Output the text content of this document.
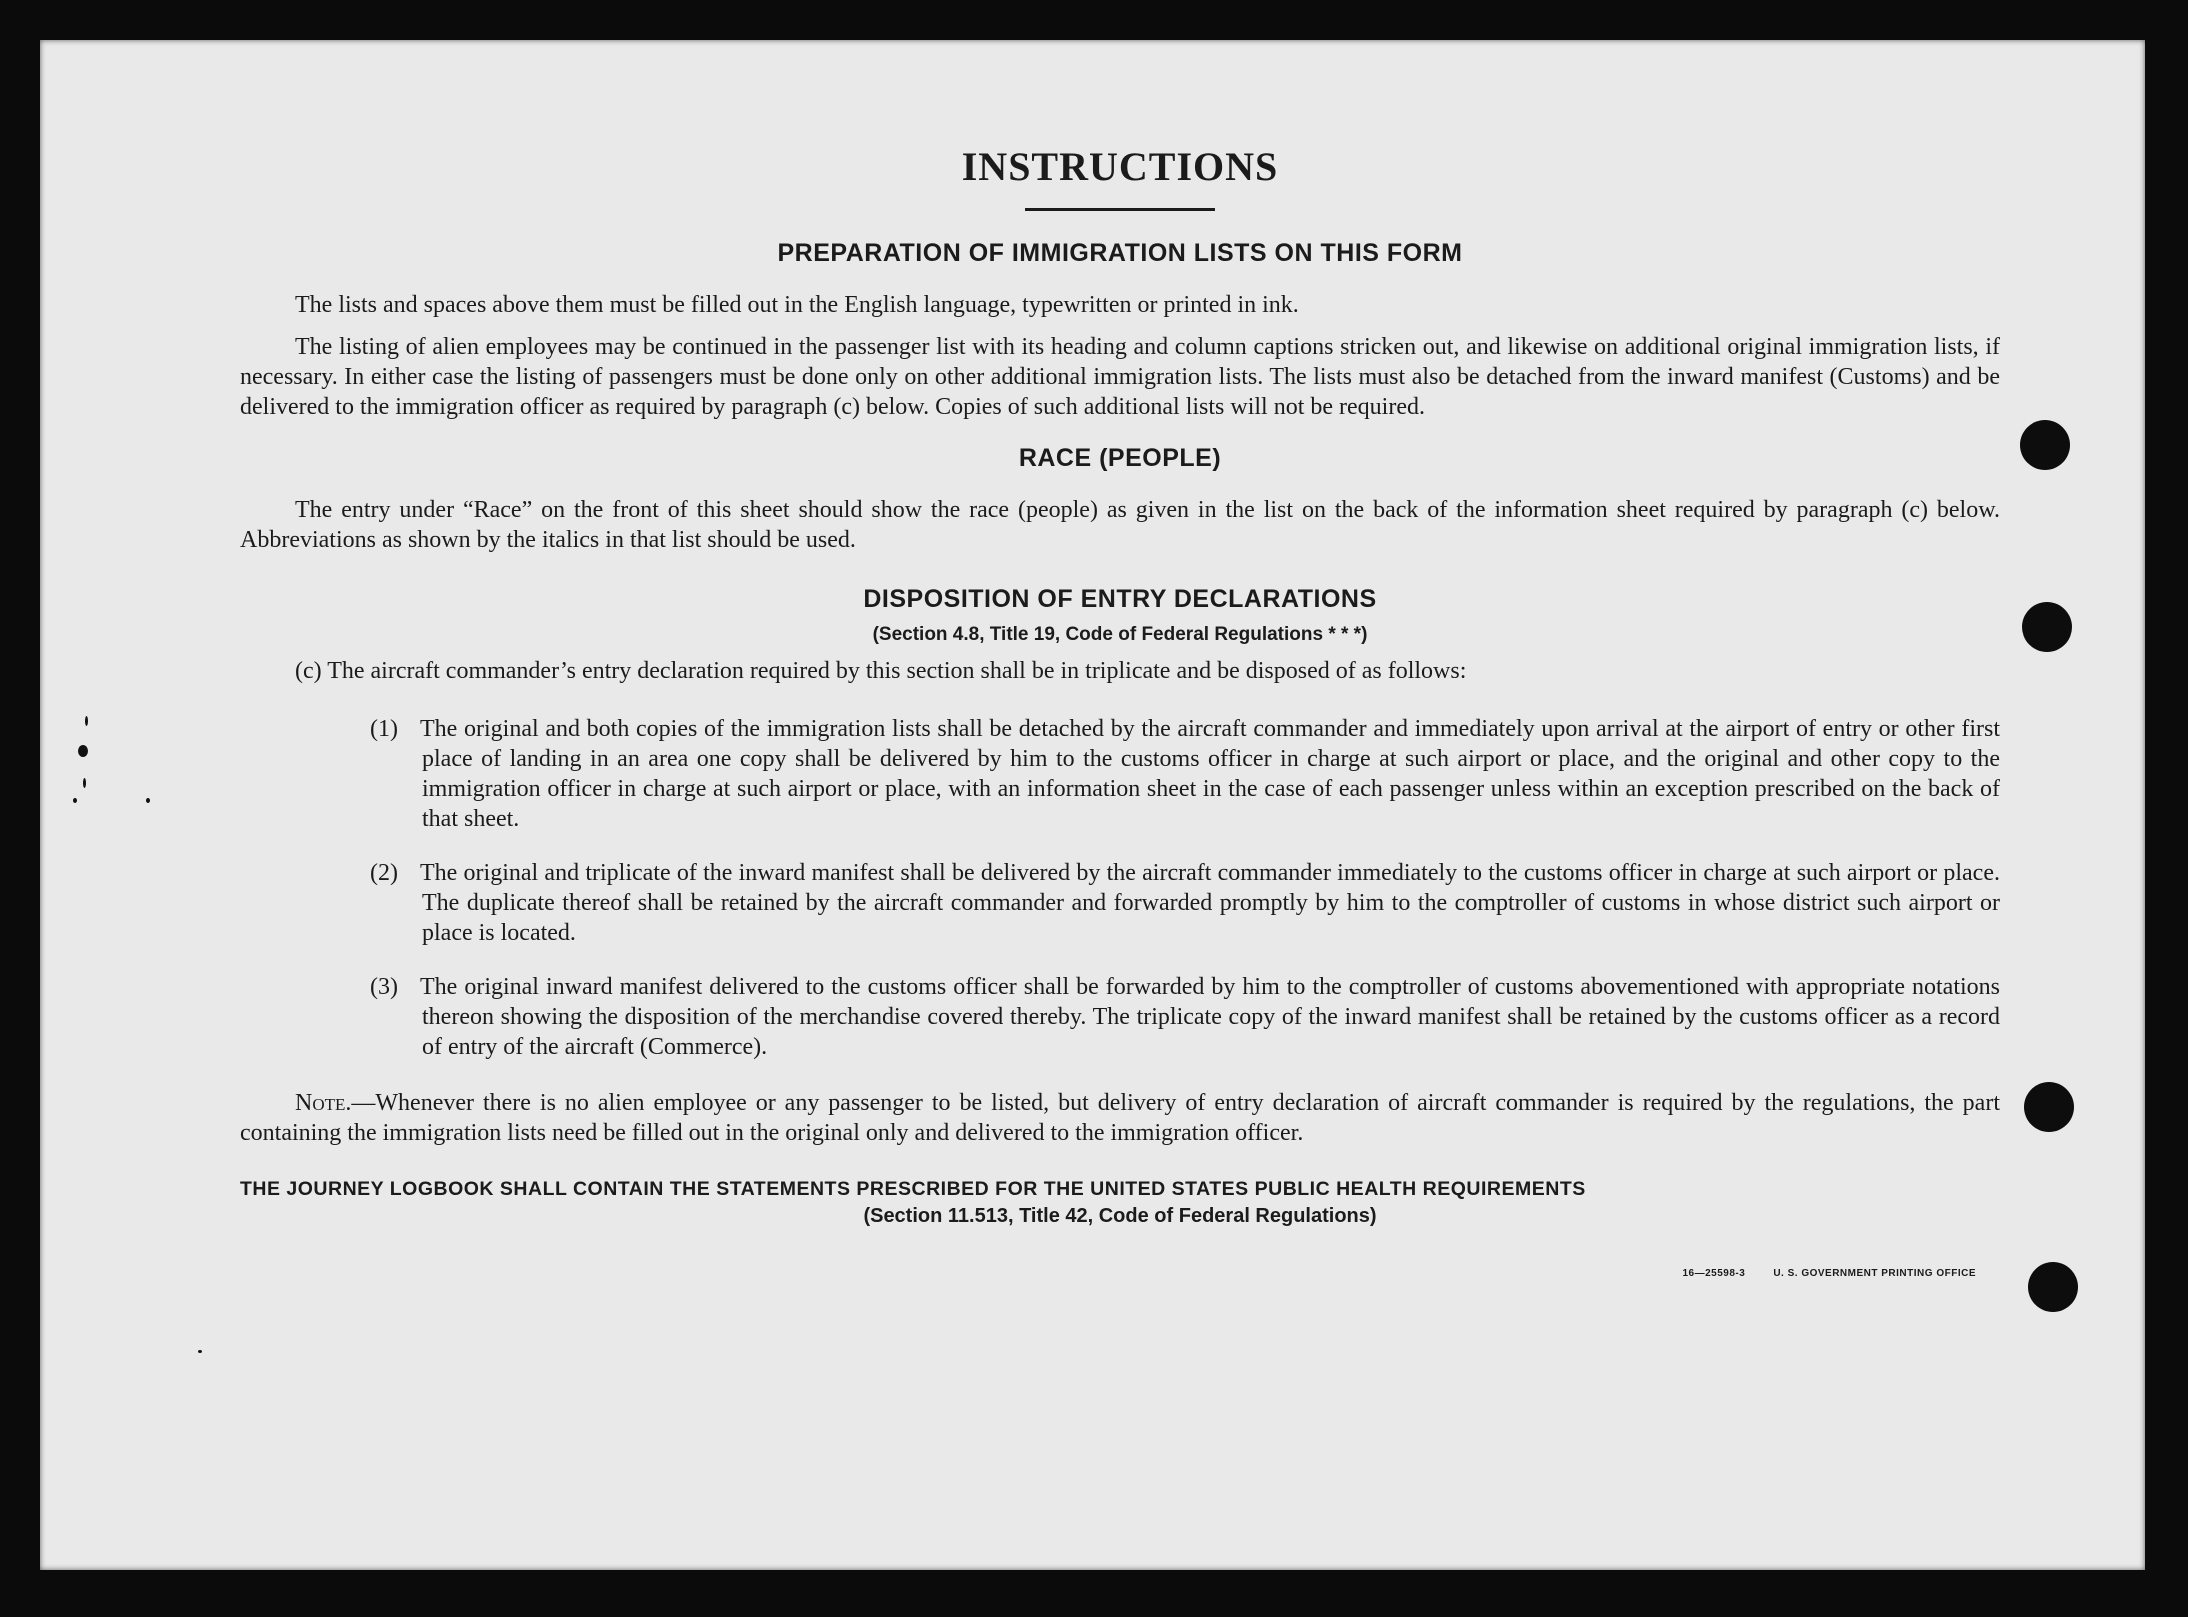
INSTRUCTIONS
PREPARATION OF IMMIGRATION LISTS ON THIS FORM

The lists and spaces above them must be filled out in the English language, typewritten or printed in ink.

The listing of alien employees may be continued in the passenger list with its heading and column captions stricken out, and likewise on additional original immigration lists, if necessary. In either case the listing of passengers must be done only on other additional immigration lists. The lists must also be detached from the inward manifest (Customs) and be delivered to the immigration officer as required by paragraph (c) below. Copies of such additional lists will not be required.

RACE (PEOPLE)

The entry under “Race” on the front of this sheet should show the race (people) as given in the list on the back of the information sheet required by paragraph (c) below. Abbreviations as shown by the italics in that list should be used.

DISPOSITION OF ENTRY DECLARATIONS

(Section 4.8, Title 19, Code of Federal Regulations * * *)

(c) The aircraft commander’s entry declaration required by this section shall be in triplicate and be disposed of as follows:

(1) The original and both copies of the immigration lists shall be detached by the aircraft commander and immediately upon arrival at the airport of entry or other first place of landing in an area one copy shall be delivered by him to the customs officer in charge at such airport or place, and the original and other copy to the immigration officer in charge at such airport or place, with an information sheet in the case of each passenger unless within an exception prescribed on the back of that sheet.

(2) The original and triplicate of the inward manifest shall be delivered by the aircraft commander immediately to the customs officer in charge at such airport or place. The duplicate thereof shall be retained by the aircraft commander and forwarded promptly by him to the comptroller of customs in whose district such airport or place is located.

(3) The original inward manifest delivered to the customs officer shall be forwarded by him to the comptroller of customs abovementioned with appropriate notations thereon showing the disposition of the merchandise covered thereby. The triplicate copy of the inward manifest shall be retained by the customs officer as a record of entry of the aircraft (Commerce).

Note.—Whenever there is no alien employee or any passenger to be listed, but delivery of entry declaration of aircraft commander is required by the regulations, the part containing the immigration lists need be filled out in the original only and delivered to the immigration officer.

THE JOURNEY LOGBOOK SHALL CONTAIN THE STATEMENTS PRESCRIBED FOR THE UNITED STATES PUBLIC HEALTH REQUIREMENTS

(Section 11.513, Title 42, Code of Federal Regulations)

16—25598-3	U. S. GOVERNMENT PRINTING OFFICE
